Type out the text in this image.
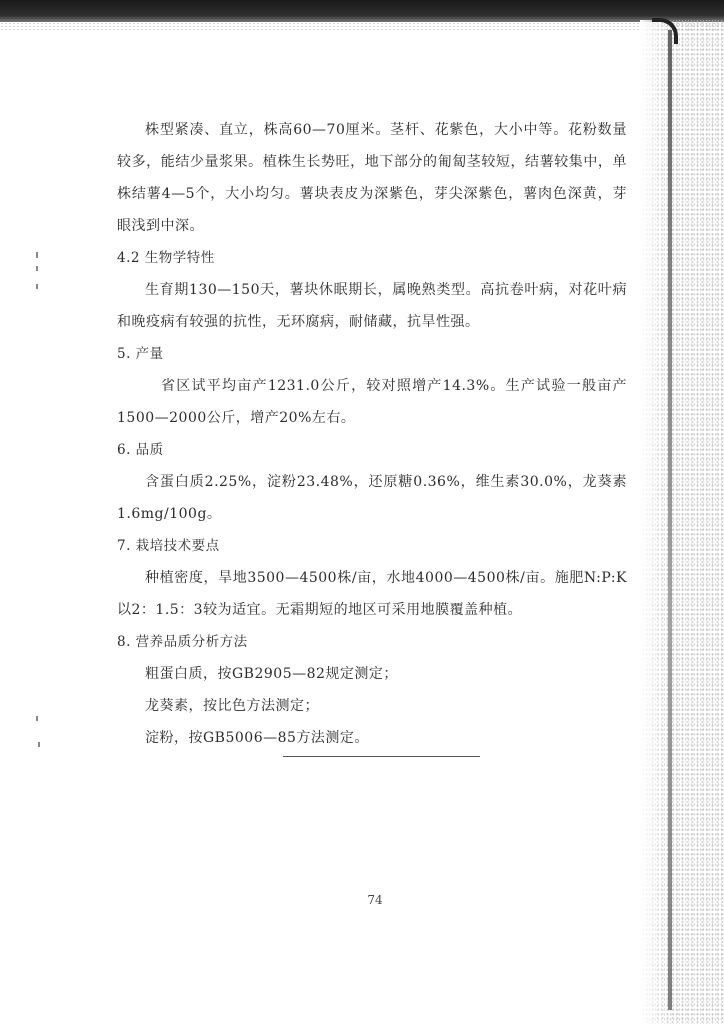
株型紧凑、直立，株高60—70厘米。茎杆、花紫色，大小中等。花粉数量较多，能结少量浆果。植株生长势旺，地下部分的匍匐茎较短，结薯较集中，单株结薯4—5个，大小均匀。薯块表皮为深紫色，芽尖深紫色，薯肉色深黄，芽眼浅到中深。

4.2 生物学特性

生育期130—150天，薯块休眠期长，属晚熟类型。高抗卷叶病，对花叶病和晚疫病有较强的抗性，无环腐病，耐储藏，抗旱性强。

5. 产量

省区试平均亩产1231.0公斤，较对照增产14.3%。生产试验一般亩产1500—2000公斤，增产20%左右。

6. 品质

含蛋白质2.25%，淀粉23.48%，还原糖0.36%，维生素30.0%，龙葵素1.6mg/100g。

7. 栽培技术要点

种植密度，旱地3500—4500株/亩，水地4000—4500株/亩。施肥N:P:K以2：1.5：3较为适宜。无霜期短的地区可采用地膜覆盖种植。

8. 营养品质分析方法

粗蛋白质，按GB2905—82规定测定；

龙葵素，按比色方法测定；

淀粉，按GB5006—85方法测定。

74
